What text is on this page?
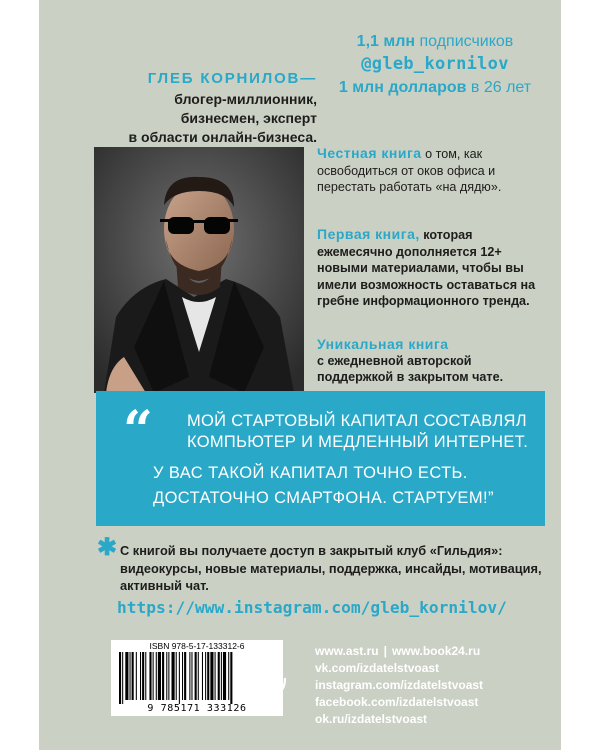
1,1 млн подписчиков
@gleb_kornilov
1 млн долларов в 26 лет
ГЛЕБ КОРНИЛОВ—
блогер-миллионник,
бизнесмен, эксперт
в области онлайн-бизнеса.
Честная книга о том, как освободиться от оков офиса и перестать работать «на дядю».
Первая книга, которая ежемесячно дополняется 12+ новыми материалами, чтобы вы имели возможность оставаться на гребне информационного тренда.
Уникальная книга
с ежедневной авторской поддержкой в закрытом чате.
“ МОЙ СТАРТОВЫЙ КАПИТАЛ СОСТАВЛЯЛ КОМПЬЮТЕР И МЕДЛЕННЫЙ ИНТЕРНЕТ.
У ВАС ТАКОЙ КАПИТАЛ ТОЧНО ЕСТЬ. ДОСТАТОЧНО СМАРТФОНА. СТАРТУЕМ!”
✱ С книгой вы получаете доступ в закрытый клуб «Гильдия»: видеокурсы, новые материалы, поддержка, инсайды, мотивация, активный чат.
https://www.instagram.com/gleb_kornilov/
ISBN 978-5-17-133312-6
9 785171 333126
www.ast.ru | www.book24.ru
vk.com/izdatelstvoast
instagram.com/izdatelstvoast
facebook.com/izdatelstvoast
ok.ru/izdatelstvoast
